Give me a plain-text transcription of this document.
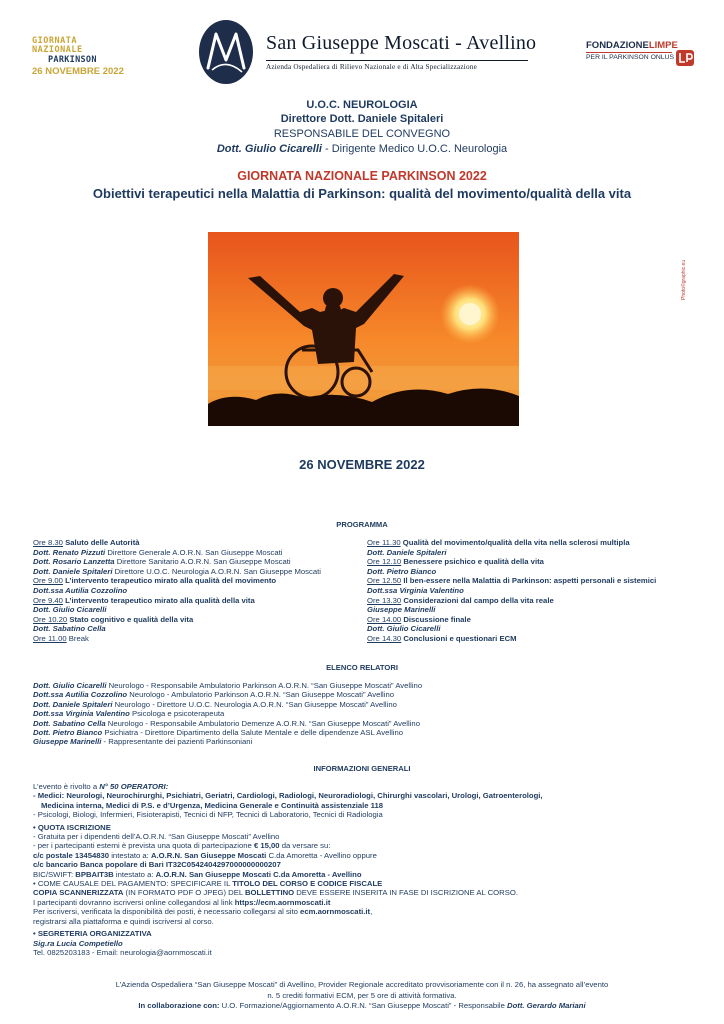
GIORNATA NAZIONALE
PARKINSON
26 NOVEMBRE 2022
San Giuseppe Moscati - Avellino
Azienda Ospedaliera di Rilievo Nazionale e di Alta Specializzazione
FONDAZIONELIMPE
PER IL PARKINSON ONLUS
U.O.C. NEUROLOGIA
Direttore Dott. Daniele Spitaleri
RESPONSABILE DEL CONVEGNO
Dott. Giulio Cicarelli - Dirigente Medico U.O.C. Neurologia
GIORNATA NAZIONALE PARKINSON 2022
Obiettivi terapeutici nella Malattia di Parkinson: qualità del movimento/qualità della vita
Photo©graphic.eu
26 NOVEMBRE 2022
PROGRAMMA
Ore 8.30 Saluto delle Autorità
Dott. Renato Pizzuti Direttore Generale A.O.R.N. San Giuseppe Moscati
Dott. Rosario Lanzetta Direttore Sanitario A.O.R.N. San Giuseppe Moscati
Dott. Daniele Spitaleri Direttore U.O.C. Neurologia A.O.R.N. San Giuseppe Moscati
Ore 9.00 L’intervento terapeutico mirato alla qualità del movimento
Dott.ssa Autilia Cozzolino
Ore 9.40 L’intervento terapeutico mirato alla qualità della vita
Dott. Giulio Cicarelli
Ore 10.20 Stato cognitivo e qualità della vita
Dott. Sabatino Cella
Ore 11.00 Break
Ore 11.30 Qualità del movimento/qualità della vita nella sclerosi multipla
Dott. Daniele Spitaleri
Ore 12.10 Benessere psichico e qualità della vita
Dott. Pietro Bianco
Ore 12.50 Il ben-essere nella Malattia di Parkinson: aspetti personali e sistemici
Dott.ssa Virginia Valentino
Ore 13.30 Considerazioni dal campo della vita reale
Giuseppe Marinelli
Ore 14.00 Discussione finale
Dott. Giulio Cicarelli
Ore 14.30 Conclusioni e questionari ECM
ELENCO RELATORI
Dott. Giulio Cicarelli Neurologo - Responsabile Ambulatorio Parkinson A.O.R.N. “San Giuseppe Moscati” Avellino
Dott.ssa Autilia Cozzolino Neurologo - Ambulatorio Parkinson A.O.R.N. “San Giuseppe Moscati” Avellino
Dott. Daniele Spitaleri Neurologo - Direttore U.O.C. Neurologia A.O.R.N. “San Giuseppe Moscati” Avellino
Dott.ssa Virginia Valentino Psicologa e psicoterapeuta
Dott. Sabatino Cella Neurologo - Responsabile Ambulatorio Demenze A.O.R.N. “San Giuseppe Moscati” Avellino
Dott. Pietro Bianco Psichiatra - Direttore Dipartimento della Salute Mentale e delle dipendenze ASL Avellino
Giuseppe Marinelli - Rappresentante dei pazienti Parkinsoniani
INFORMAZIONI GENERALI
L’evento è rivolto a N° 50 OPERATORI:
- Medici: Neurologi, Neurochirurghi, Psichiatri, Geriatri, Cardiologi, Radiologi, Neuroradiologi, Chirurghi vascolari, Urologi, Gatroenterologi,
Medicina interna, Medici di P.S. e d’Urgenza, Medicina Generale e Continuità assistenziale 118
- Psicologi, Biologi, Infermieri, Fisioterapisti, Tecnici di NFP, Tecnici di Laboratorio, Tecnici di Radiologia
• QUOTA ISCRIZIONE
- Gratuita per i dipendenti dell’A.O.R.N. “San Giuseppe Moscati” Avellino
- per i partecipanti esterni è prevista una quota di partecipazione € 15,00 da versare su:
c/c postale 13454830 intestato a: A.O.R.N. San Giuseppe Moscati C.da Amoretta - Avellino oppure
c/c bancario Banca popolare di Bari IT32C0542404297000000000207
BIC/SWIFT: BPBAIT3B intestato a: A.O.R.N. San Giuseppe Moscati C.da Amoretta - Avellino
• COME CAUSALE DEL PAGAMENTO: SPECIFICARE IL TITOLO DEL CORSO E CODICE FISCALE
COPIA SCANNERIZZATA (IN FORMATO PDF O JPEG) DEL BOLLETTINO DEVE ESSERE INSERITA IN FASE DI ISCRIZIONE AL CORSO.
I partecipanti dovranno iscriversi online collegandosi al link https://ecm.aornmoscati.it
Per iscriversi, verificata la disponibilità dei posti, è necessario collegarsi al sito ecm.aornmoscati.it,
registrarsi alla piattaforma e quindi iscriversi al corso.
• SEGRETERIA ORGANIZZATIVA
Sig.ra Lucia Competiello
Tel. 0825203183 - Email: neurologia@aornmoscati.it
L’Azienda Ospedaliera “San Giuseppe Moscati” di Avellino, Provider Regionale accreditato provvisoriamente con il n. 26, ha assegnato all’evento
n. 5 crediti formativi ECM, per 5 ore di attività formativa.
In collaborazione con: U.O. Formazione/Aggiornamento A.O.R.N. “San Giuseppe Moscati” - Responsabile Dott. Gerardo Mariani
